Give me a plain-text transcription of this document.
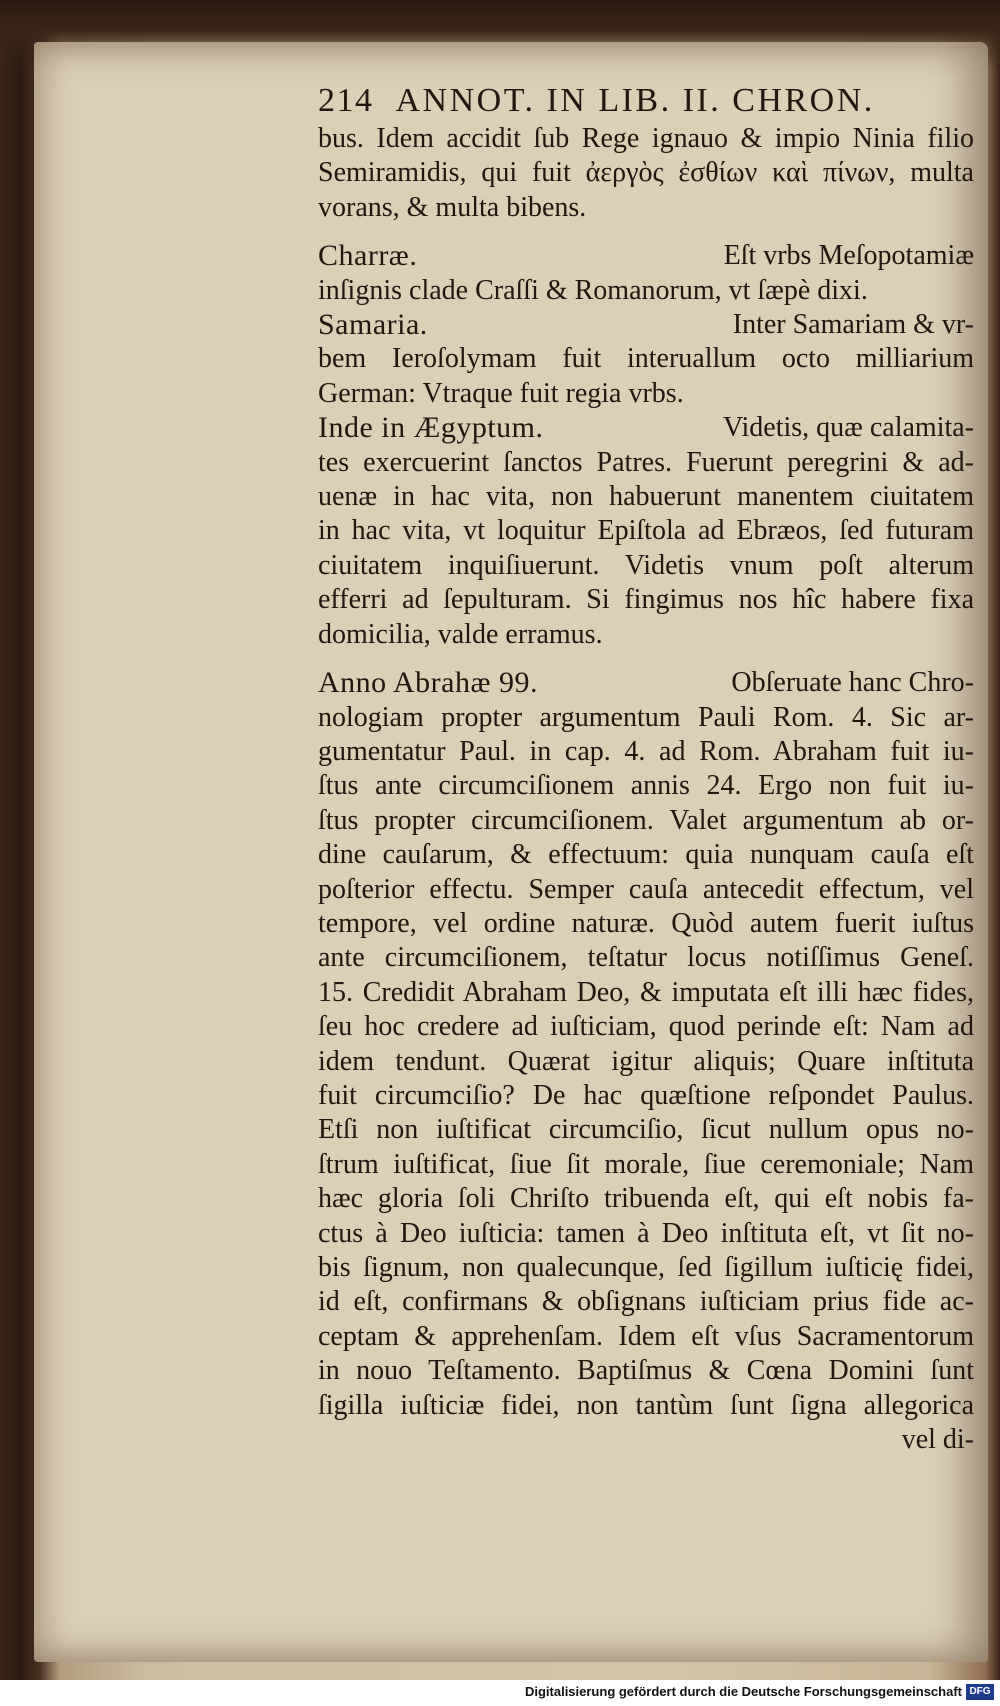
214 ANNOT. IN LIB. II. CHRON.
bus. Idem accidit ſub Rege ignauo & impio Ninia filio
Semiramidis, qui fuit ἀεργὸς ἐσθίων καὶ πίνων, multa
vorans, & multa bibens.
Charræ.	Eſt vrbs Meſopotamiæ
inſignis clade Craſſi & Romanorum, vt ſæpè dixi.
Samaria.	Inter Samariam & vr-
bem Ieroſolymam fuit interuallum octo milliarium
German: Vtraque fuit regia vrbs.
Inde in Ægyptum.	Videtis, quæ calamita-
tes exercuerint ſanctos Patres. Fuerunt peregrini & ad-
uenæ in hac vita, non habuerunt manentem ciuitatem
in hac vita, vt loquitur Epiſtola ad Ebræos, ſed futuram
ciuitatem inquiſiuerunt. Videtis vnum poſt alterum
efferri ad ſepulturam. Si fingimus nos hîc habere fixa
domicilia, valde erramus.
Anno Abrahæ 99.	Obſeruate hanc Chro-
nologiam propter argumentum Pauli Rom. 4. Sic ar-
gumentatur Paul. in cap. 4. ad Rom. Abraham fuit iu-
ſtus ante circumciſionem annis 24. Ergo non fuit iu-
ſtus propter circumciſionem. Valet argumentum ab or-
dine cauſarum, & effectuum: quia nunquam cauſa eſt
poſterior effectu. Semper cauſa antecedit effectum, vel
tempore, vel ordine naturæ. Quòd autem fuerit iuſtus
ante circumciſionem, teſtatur locus notiſſimus Geneſ.
15. Credidit Abraham Deo, & imputata eſt illi hæc fides,
ſeu hoc credere ad iuſticiam, quod perinde eſt: Nam ad
idem tendunt. Quærat igitur aliquis; Quare inſtituta
fuit circumciſio? De hac quæſtione reſpondet Paulus.
Etſi non iuſtificat circumciſio, ſicut nullum opus no-
ſtrum iuſtificat, ſiue ſit morale, ſiue ceremoniale; Nam
hæc gloria ſoli Chriſto tribuenda eſt, qui eſt nobis fa-
ctus à Deo iuſticia: tamen à Deo inſtituta eſt, vt ſit no-
bis ſignum, non qualecunque, ſed ſigillum iuſticię fidei,
id eſt, confirmans & obſignans iuſticiam prius fide ac-
ceptam & apprehenſam. Idem eſt vſus Sacramentorum
in nouo Teſtamento. Baptiſmus & Cœna Domini ſunt
ſigilla iuſticiæ fidei, non tantùm ſunt ſigna allegorica
vel di-
Digitalisierung gefördert durch die Deutsche Forschungsgemeinschaft DFG
